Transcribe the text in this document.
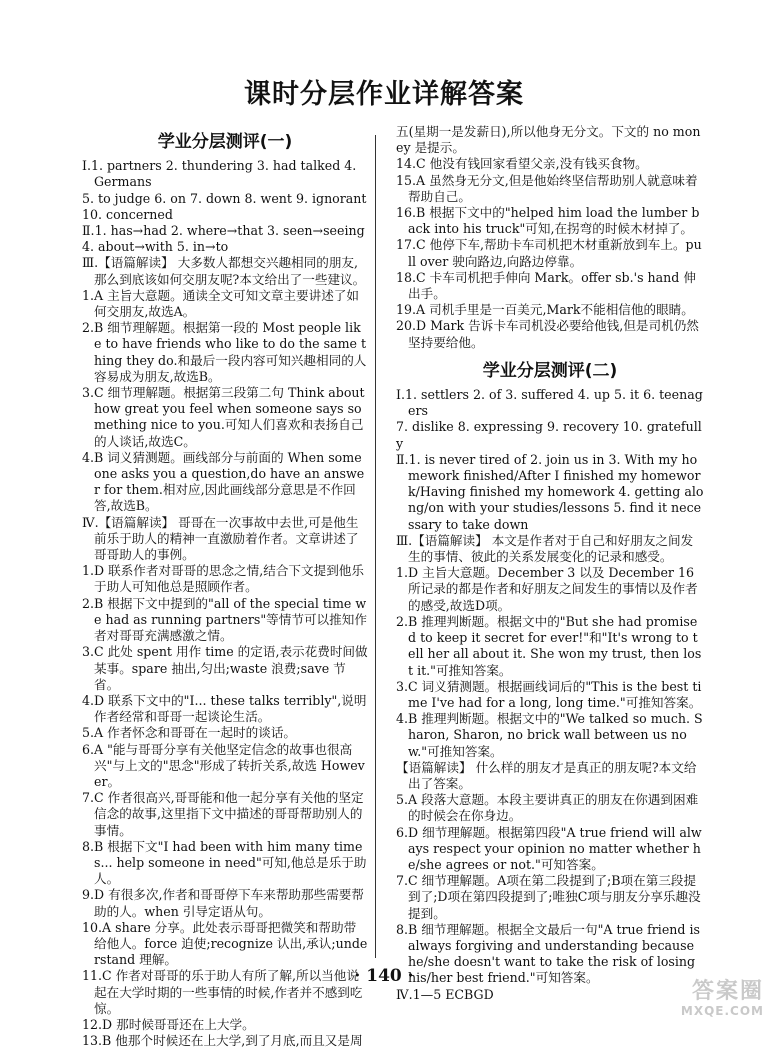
课时分层作业详解答案
学业分层测评(一)

Ⅰ.1. partners 2. thundering 3. had talked 4. Germans

5. to judge 6. on 7. down 8. went 9. ignorant

10. concerned

Ⅱ.1. has→had 2. where→that 3. seen→seeing

4. about→with 5. in→to

Ⅲ.【语篇解读】 大多数人都想交兴趣相同的朋友,那么到底该如何交朋友呢?本文给出了一些建议。

1.A 主旨大意题。通读全文可知文章主要讲述了如何交朋友,故选A。

2.B 细节理解题。根据第一段的 Most people like to have friends who like to do the same thing they do.和最后一段内容可知兴趣相同的人容易成为朋友,故选B。

3.C 细节理解题。根据第三段第二句 Think about how great you feel when someone says something nice to you.可知人们喜欢和表扬自己的人谈话,故选C。

4.B 词义猜测题。画线部分与前面的 When someone asks you a question,do have an answer for them.相对应,因此画线部分意思是不作回答,故选B。

Ⅳ.【语篇解读】 哥哥在一次事故中去世,可是他生前乐于助人的精神一直激励着作者。文章讲述了哥哥助人的事例。

1.D 联系作者对哥哥的思念之情,结合下文提到他乐于助人可知他总是照顾作者。

2.B 根据下文中提到的"all of the special time we had as running partners"等情节可以推知作者对哥哥充满感激之情。

3.C 此处 spent 用作 time 的定语,表示花费时间做某事。spare 抽出,匀出;waste 浪费;save 节省。

4.D 联系下文中的"I... these talks terribly",说明作者经常和哥哥一起谈论生活。

5.A 作者怀念和哥哥在一起时的谈话。

6.A "能与哥哥分享有关他坚定信念的故事也很高兴"与上文的"思念"形成了转折关系,故选 However。

7.C 作者很高兴,哥哥能和他一起分享有关他的坚定信念的故事,这里指下文中描述的哥哥帮助别人的事情。

8.B 根据下文"I had been with him many times... help someone in need"可知,他总是乐于助人。

9.D 有很多次,作者和哥哥停下车来帮助那些需要帮助的人。when 引导定语从句。

10.A share 分享。此处表示哥哥把微笑和帮助带给他人。force 迫使;recognize 认出,承认;understand 理解。

11.C 作者对哥哥的乐于助人有所了解,所以当他说起在大学时期的一些事情的时候,作者并不感到吃惊。

12.D 那时候哥哥还在上大学。

13.B 他那个时候还在上大学,到了月底,而且又是周

五(星期一是发薪日),所以他身无分文。下文的 no money 是提示。

14.C 他没有钱回家看望父亲,没有钱买食物。

15.A 虽然身无分文,但是他始终坚信帮助别人就意味着帮助自己。

16.B 根据下文中的"helped him load the lumber back into his truck"可知,在拐弯的时候木材掉了。

17.C 他停下车,帮助卡车司机把木材重新放到车上。pull over 驶向路边,向路边停靠。

18.C 卡车司机把手伸向 Mark。offer sb.'s hand 伸出手。

19.A 司机手里是一百美元,Mark不能相信他的眼睛。

20.D Mark 告诉卡车司机没必要给他钱,但是司机仍然坚持要给他。

学业分层测评(二)

Ⅰ.1. settlers 2. of 3. suffered 4. up 5. it 6. teenagers

7. dislike 8. expressing 9. recovery 10. gratefully

Ⅱ.1. is never tired of 2. join us in 3. With my homework finished/After I finished my homework/Having finished my homework 4. getting along/on with your studies/lessons 5. find it necessary to take down

Ⅲ.【语篇解读】 本文是作者对于自己和好朋友之间发生的事情、彼此的关系发展变化的记录和感受。

1.D 主旨大意题。December 3 以及 December 16 所记录的都是作者和好朋友之间发生的事情以及作者的感受,故选D项。

2.B 推理判断题。根据文中的"But she had promised to keep it secret for ever!"和"It's wrong to tell her all about it. She won my trust, then lost it."可推知答案。

3.C 词义猜测题。根据画线词后的"This is the best time I've had for a long, long time."可推知答案。

4.B 推理判断题。根据文中的"We talked so much. Sharon, Sharon, no brick wall between us now."可推知答案。

【语篇解读】 什么样的朋友才是真正的朋友呢?本文给出了答案。

5.A 段落大意题。本段主要讲真正的朋友在你遇到困难的时候会在你身边。

6.D 细节理解题。根据第四段"A true friend will always respect your opinion no matter whether he/she agrees or not."可知答案。

7.C 细节理解题。A项在第二段提到了;B项在第三段提到了;D项在第四段提到了;唯独C项与朋友分享乐趣没提到。

8.B 细节理解题。根据全文最后一句"A true friend is always forgiving and understanding because he/she doesn't want to take the risk of losing his/her best friend."可知答案。

Ⅳ.1—5 ECBGD

· 140 ·
答案圈
MXQE.COM
